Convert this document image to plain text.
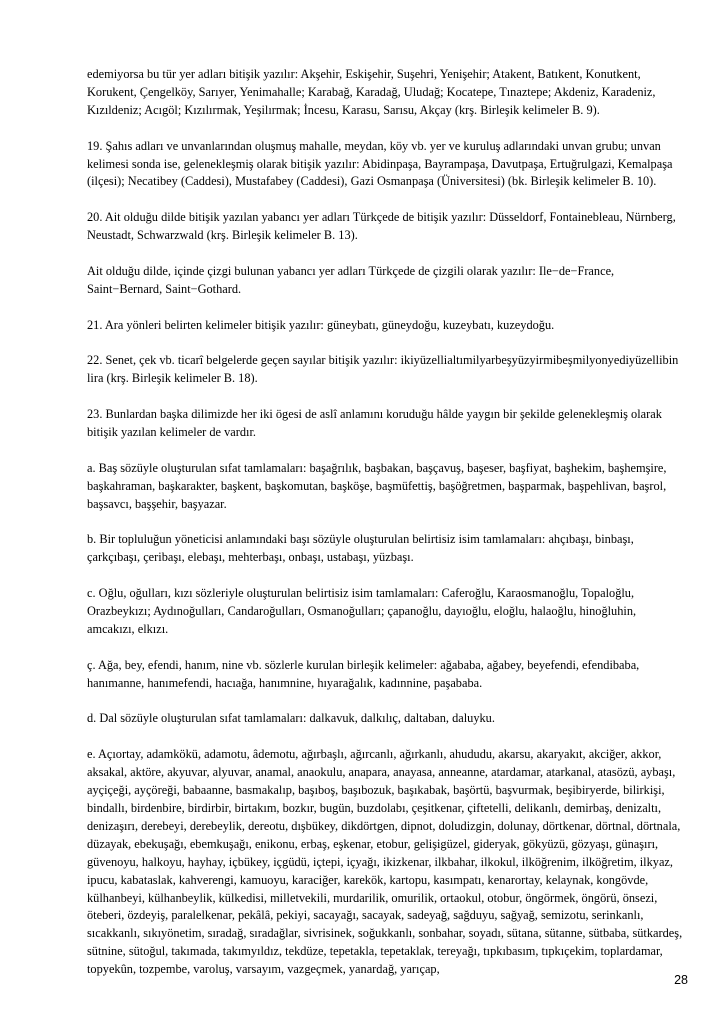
edemiyorsa bu tür yer adları bitişik yazılır: Akşehir, Eskişehir, Suşehri, Yenişehir; Atakent, Batıkent, Konutkent, Korukent, Çengelköy, Sarıyer, Yenimahalle; Karabağ, Karadağ, Uludağ; Kocatepe, Tınaztepe; Akdeniz, Karadeniz, Kızıldeniz; Acıgöl; Kızılırmak, Yeşilırmak; İncesu, Karasu, Sarısu, Akçay (krş. Birleşik kelimeler B. 9).

19. Şahıs adları ve unvanlarından oluşmuş mahalle, meydan, köy vb. yer ve kuruluş adlarındaki unvan grubu; unvan kelimesi sonda ise, gelenekleşmiş olarak bitişik yazılır: Abidinpaşa, Bayrampaşa, Davutpaşa, Ertuğrulgazi, Kemalpaşa (ilçesi); Necatibey (Caddesi), Mustafabey (Caddesi), Gazi Osmanpaşa (Üniversitesi) (bk. Birleşik kelimeler B. 10).

20. Ait olduğu dilde bitişik yazılan yabancı yer adları Türkçede de bitişik yazılır: Düsseldorf, Fontainebleau, Nürnberg, Neustadt, Schwarzwald (krş. Birleşik kelimeler B. 13).

Ait olduğu dilde, içinde çizgi bulunan yabancı yer adları Türkçede de çizgili olarak yazılır: Ile−de−France, Saint−Bernard, Saint−Gothard.

21. Ara yönleri belirten kelimeler bitişik yazılır: güneybatı, güneydoğu, kuzeybatı, kuzeydoğu.

22. Senet, çek vb. ticarî belgelerde geçen sayılar bitişik yazılır: ikiyüzellialtımilyarbeşyüzyirmibeşmilyonyediyüzellibin lira (krş. Birleşik kelimeler B. 18).

23. Bunlardan başka dilimizde her iki ögesi de aslî anlamını koruduğu hâlde yaygın bir şekilde gelenekleşmiş olarak bitişik yazılan kelimeler de vardır.

a. Baş sözüyle oluşturulan sıfat tamlamaları: başağrılık, başbakan, başçavuş, başeser, başfiyat, başhekim, başhemşire, başkahraman, başkarakter, başkent, başkomutan, başköşe, başmüfettiş, başöğretmen, başparmak, başpehlivan, başrol, başsavcı, başşehir, başyazar.

b. Bir topluluğun yöneticisi anlamındaki başı sözüyle oluşturulan belirtisiz isim tamlamaları: ahçıbaşı, binbaşı, çarkçıbaşı, çeribaşı, elebaşı, mehterbaşı, onbaşı, ustabaşı, yüzbaşı.

c. Oğlu, oğulları, kızı sözleriyle oluşturulan belirtisiz isim tamlamaları: Caferoğlu, Karaosmanoğlu, Topaloğlu, Orazbeykızı; Aydınoğulları, Candaroğulları, Osmanoğulları; çapanoğlu, dayıoğlu, eloğlu, halaoğlu, hinoğluhin, amcakızı, elkızı.

ç. Ağa, bey, efendi, hanım, nine vb. sözlerle kurulan birleşik kelimeler: ağababa, ağabey, beyefendi, efendibaba, hanımanne, hanımefendi, hacıağa, hanımnine, hıyarağalık, kadınnine, paşababa.

d. Dal sözüyle oluşturulan sıfat tamlamaları: dalkavuk, dalkılıç, daltaban, daluyku.

e. Açıortay, adamkökü, adamotu, âdemotu, ağırbaşlı, ağırcanlı, ağırkanlı, ahududu, akarsu, akaryakıt, akciğer, akkor, aksakal, aktöre, akyuvar, alyuvar, anamal, anaokulu, anapara, anayasa, anneanne, atardamar, atarkanal, atasözü, aybaşı, ayçiçeği, ayçöreği, babaanne, basmakalıp, başıboş, başıbozuk, başıkabak, başörtü, başvurmak, beşibiryerde, bilirkişi, bindallı, birdenbire, birdirbir, birtakım, bozkır, bugün, buzdolabı, çeşitkenar, çiftetelli, delikanlı, demirbaş, denizaltı, denizaşırı, derebeyi, derebeylik, dereotu, dışbükey, dikdörtgen, dipnot, doludizgin, dolunay, dörtkenar, dörtnal, dörtnala, düzayak, ebekuşağı, ebemkuşağı, enikonu, erbaş, eşkenar, etobur, gelişigüzel, gideryak, gökyüzü, gözyaşı, günaşırı, güvenoyu, halkoyu, hayhay, içbükey, içgüdü, içtepi, içyağı, ikizkenar, ilkbahar, ilkokul, ilköğrenim, ilköğretim, ilkyaz, ipucu, kabataslak, kahverengi, kamuoyu, karaciğer, karekök, kartopu, kasımpatı, kenarortay, kelaynak, kongövde, külhanbeyi, külhanbeylik, külkedisi, milletvekili, murdarilik, omurilik, ortaokul, otobur, öngörmek, öngörü, önsezi, öteberi, özdeyiş, paralelkenar, pekâlâ, pekiyi, sacayağı, sacayak, sadeyağ, sağduyu, sağyağ, semizotu, serinkanlı, sıcakkanlı, sıkıyönetim, sıradağ, sıradağlar, sivrisinek, soğukkanlı, sonbahar, soyadı, sütana, sütanne, sütbaba, sütkardeş, sütnine, sütoğul, takımada, takımyıldız, tekdüze, tepetakla, tepetaklak, tereyağı, tıpkıbasım, tıpkıçekim, toplardamar, topyekûn, tozpembe, varoluş, varsayım, vazgeçmek, yanardağ, yarıçap,

28
